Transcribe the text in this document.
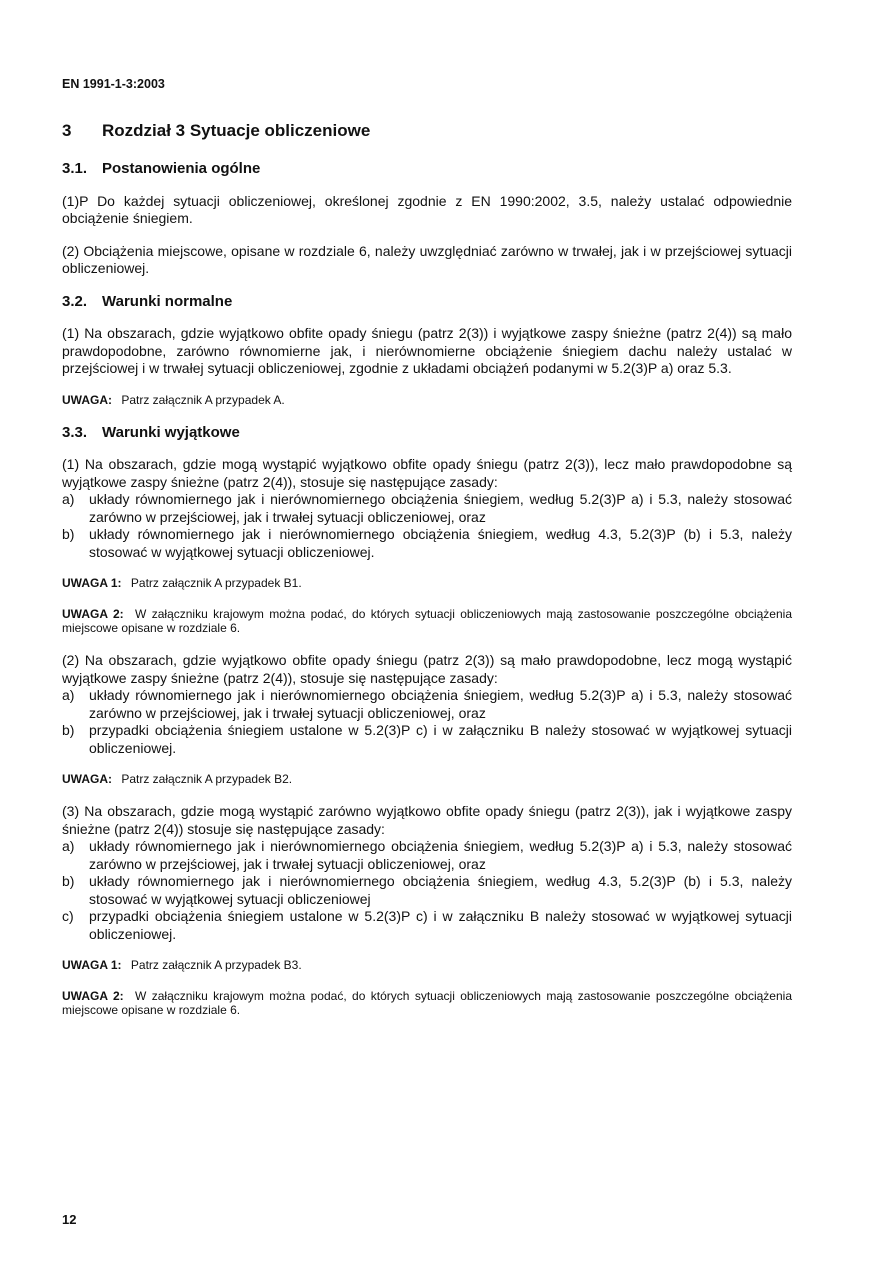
EN 1991-1-3:2003
3 Rozdział 3 Sytuacje obliczeniowe
3.1. Postanowienia ogólne

(1)P Do każdej sytuacji obliczeniowej, określonej zgodnie z EN 1990:2002, 3.5, należy ustalać odpowiednie obciążenie śniegiem.

(2) Obciążenia miejscowe, opisane w rozdziale 6, należy uwzględniać zarówno w trwałej, jak i w przejściowej sytuacji obliczeniowej.

3.2. Warunki normalne

(1) Na obszarach, gdzie wyjątkowo obfite opady śniegu (patrz 2(3)) i wyjątkowe zaspy śnieżne (patrz 2(4)) są mało prawdopodobne, zarówno równomierne jak, i nierównomierne obciążenie śniegiem dachu należy ustalać w przejściowej i w trwałej sytuacji obliczeniowej, zgodnie z układami obciążeń podanymi w 5.2(3)P a) oraz 5.3.

UWAGA: Patrz załącznik A przypadek A.
3.3. Warunki wyjątkowe

(1) Na obszarach, gdzie mogą wystąpić wyjątkowo obfite opady śniegu (patrz 2(3)), lecz mało prawdopodobne są wyjątkowe zaspy śnieżne (patrz 2(4)), stosuje się następujące zasady:

a)	układy równomiernego jak i nierównomiernego obciążenia śniegiem, według 5.2(3)P a) i 5.3, należy stosować zarówno w przejściowej, jak i trwałej sytuacji obliczeniowej, oraz
b)	układy równomiernego jak i nierównomiernego obciążenia śniegiem, według 4.3, 5.2(3)P (b) i 5.3, należy stosować w wyjątkowej sytuacji obliczeniowej.
UWAGA 1: Patrz załącznik A przypadek B1.
UWAGA 2: W załączniku krajowym można podać, do których sytuacji obliczeniowych mają zastosowanie poszczególne obciążenia miejscowe opisane w rozdziale 6.

(2) Na obszarach, gdzie wyjątkowo obfite opady śniegu (patrz 2(3)) są mało prawdopodobne, lecz mogą wystąpić wyjątkowe zaspy śnieżne (patrz 2(4)), stosuje się następujące zasady:

a)	układy równomiernego jak i nierównomiernego obciążenia śniegiem, według 5.2(3)P a) i 5.3, należy stosować zarówno w przejściowej, jak i trwałej sytuacji obliczeniowej, oraz
b)	przypadki obciążenia śniegiem ustalone w 5.2(3)P c) i w załączniku B należy stosować w wyjątkowej sytuacji obliczeniowej.
UWAGA: Patrz załącznik A przypadek B2.

(3) Na obszarach, gdzie mogą wystąpić zarówno wyjątkowo obfite opady śniegu (patrz 2(3)), jak i wyjątkowe zaspy śnieżne (patrz 2(4)) stosuje się następujące zasady:

a)	układy równomiernego jak i nierównomiernego obciążenia śniegiem, według 5.2(3)P a) i 5.3, należy stosować zarówno w przejściowej, jak i trwałej sytuacji obliczeniowej, oraz
b)	układy równomiernego jak i nierównomiernego obciążenia śniegiem, według 4.3, 5.2(3)P (b) i 5.3, należy stosować w wyjątkowej sytuacji obliczeniowej
c)	przypadki obciążenia śniegiem ustalone w 5.2(3)P c) i w załączniku B należy stosować w wyjątkowej sytuacji obliczeniowej.
UWAGA 1: Patrz załącznik A przypadek B3.
UWAGA 2: W załączniku krajowym można podać, do których sytuacji obliczeniowych mają zastosowanie poszczególne obciążenia miejscowe opisane w rozdziale 6.
12
